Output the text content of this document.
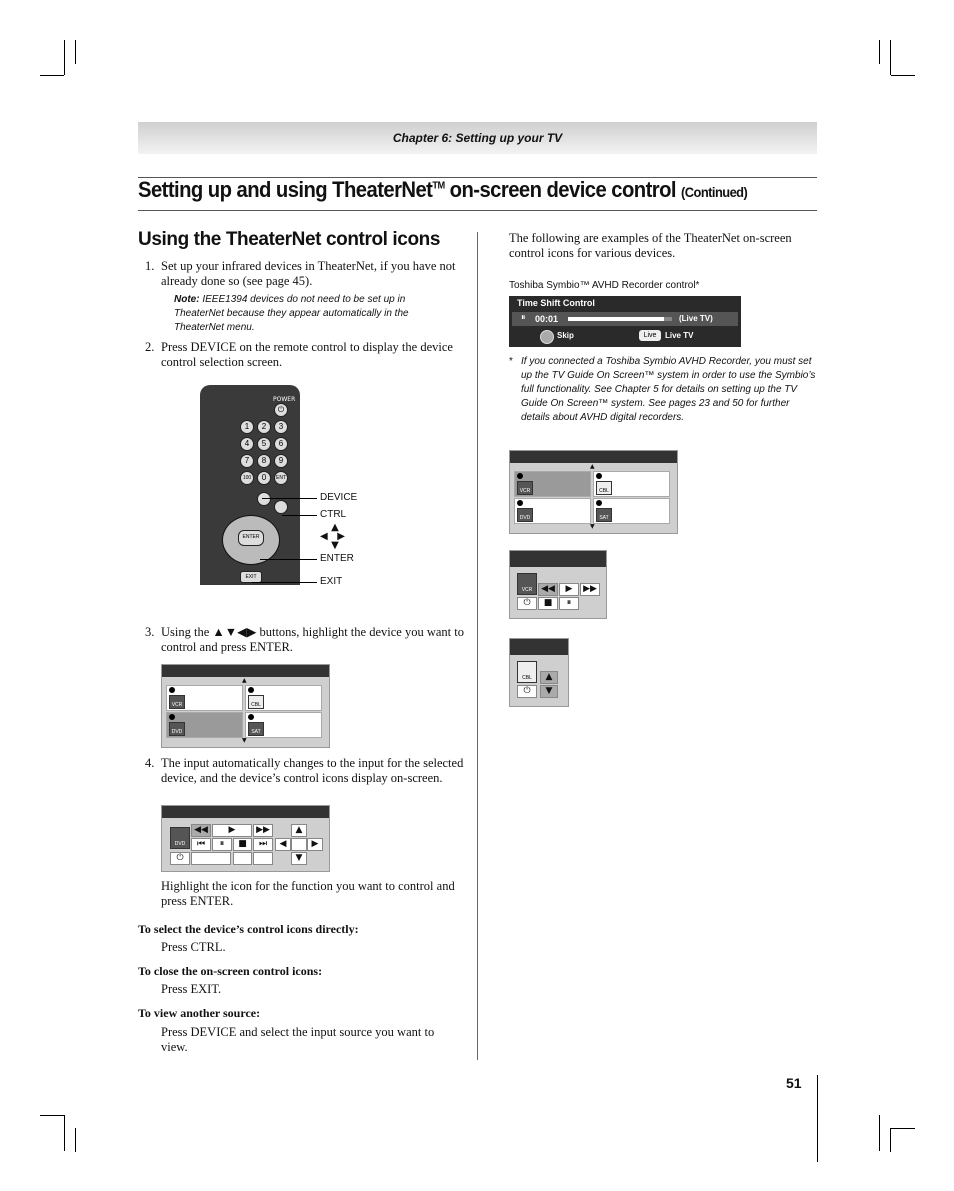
Chapter 6: Setting up your TV
Setting up and using TheaterNet™ on-screen device control (Continued)
Using the TheaterNet control icons
1. Set up your infrared devices in TheaterNet, if you have not already done so (see page 45).
Note: IEEE1394 devices do not need to be set up in TheaterNet because they appear automatically in the TheaterNet menu.
2. Press DEVICE on the remote control to display the device control selection screen.
POWER
⏻
1	2	3
4	5	6
7	8	9
100	0	ENT
ENTER
EXIT
DEVICE
CTRL
▲
◀   ▶
▼
ENTER
EXIT
3. Using the ▲▼◀▶ buttons, highlight the device you want to control and press ENTER.
▲
VCR	CBL
DVD	SAT
▼
4. The input automatically changes to the input for the selected device, and the device’s control icons display on-screen.
DVD
⏻
◀◀	▶	▶▶
⏮	⏸	■	⏭
▲
◀	▶
▼
Highlight the icon for the function you want to control and press ENTER.
To select the device’s control icons directly:
Press CTRL.
To close the on-screen control icons:
Press EXIT.
To view another source:
Press DEVICE and select the input source you want to view.
The following are examples of the TheaterNet on-screen control icons for various devices.
Toshiba Symbio™ AVHD Recorder control*
Time Shift Control
⏸ 00:01	(Live TV)
Skip	Live	Live TV
* If you connected a Toshiba Symbio AVHD Recorder, you must set up the TV Guide On Screen™ system in order to use the Symbio’s full functionality. See Chapter 5 for details on setting up the TV Guide On Screen™ system. See pages 23 and 50 for further details about AVHD digital recorders.
▲
VCR	CBL
DVD	SAT
▼
VCR
⏻
◀◀	▶	▶▶
■	⏸
CBL
⏻
▲
▼
51
